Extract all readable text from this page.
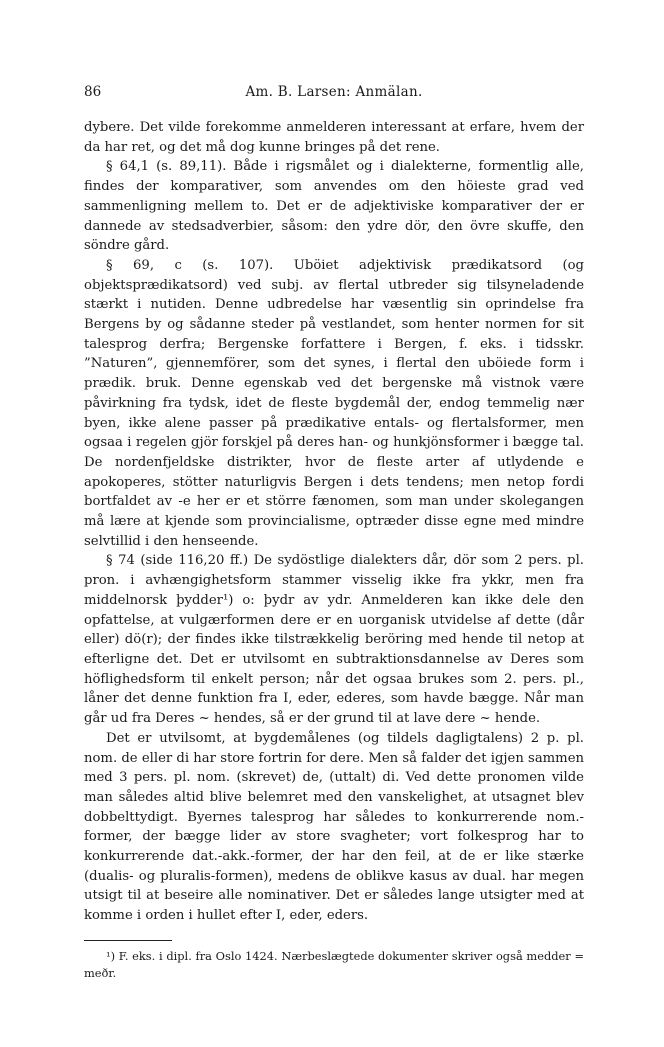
86	Am. B. Larsen: Anmälan.

dybere. Det vilde forekomme anmelderen interessant at erfare, hvem der da har ret, og det må dog kunne bringes på det rene.

§ 64,1 (s. 89,11). Både i rigsmålet og i dialekterne, formentlig alle, findes der komparativer, som anvendes om den höieste grad ved sammenligning mellem to. Det er de adjektiviske komparativer der er dannede av stedsadverbier, såsom: den ydre dör, den övre skuffe, den söndre gård.

§ 69, c (s. 107). Uböiet adjektivisk prædikatsord (og objektsprædikatsord) ved subj. av flertal utbreder sig tilsyneladende stærkt i nutiden. Denne udbredelse har væsentlig sin oprindelse fra Bergens by og sådanne steder på vestlandet, som henter normen for sit talesprog derfra; Bergenske forfattere i Bergen, f. eks. i tidsskr. ”Naturen”, gjennemförer, som det synes, i flertal den uböiede form i prædik. bruk. Denne egenskab ved det bergenske må vistnok være påvirkning fra tydsk, idet de fleste bygdemål der, endog temmelig nær byen, ikke alene passer på prædikative entals- og flertalsformer, men ogsaa i regelen gjör forskjel på deres han- og hunkjönsformer i bægge tal. De nordenfjeldske distrikter, hvor de fleste arter af utlydende e apokoperes, stötter naturligvis Bergen i dets tendens; men netop fordi bortfaldet av -e her er et större fænomen, som man under skolegangen må lære at kjende som provincialisme, optræder disse egne med mindre selvtillid i den henseende.

§ 74 (side 116,20 ff.) De sydöstlige dialekters dår, dör som 2 pers. pl. pron. i avhængighetsform stammer visselig ikke fra ykkr, men fra middelnorsk þydder¹) o: þydr av ydr. Anmelderen kan ikke dele den opfattelse, at vulgærformen dere er en uorganisk utvidelse af dette (dår eller) dö(r); der findes ikke tilstrækkelig beröring med hende til netop at efterligne det. Det er utvilsomt en subtraktionsdannelse av Deres som höflighedsform til enkelt person; når det ogsaa brukes som 2. pers. pl., låner det denne funktion fra I, eder, ederes, som havde bægge. Når man går ud fra Deres ~ hendes, så er der grund til at lave dere ~ hende.

Det er utvilsomt, at bygdemålenes (og tildels dagligtalens) 2 p. pl. nom. de eller di har store fortrin for dere. Men så falder det igjen sammen med 3 pers. pl. nom. (skrevet) de, (uttalt) di. Ved dette pronomen vilde man således altid blive belemret med den vanskelighet, at utsagnet blev dobbelttydigt. Byernes talesprog har således to konkurrerende nom.-former, der bægge lider av store svagheter; vort folkesprog har to konkurrerende dat.-akk.-former, der har den feil, at de er like stærke (dualis- og pluralis-formen), medens de oblikve kasus av dual. har megen utsigt til at beseire alle nominativer. Det er således lange utsigter med at komme i orden i hullet efter I, eder, eders.

¹) F. eks. i dipl. fra Oslo 1424. Nærbeslægtede dokumenter skriver også medder = meðr.
